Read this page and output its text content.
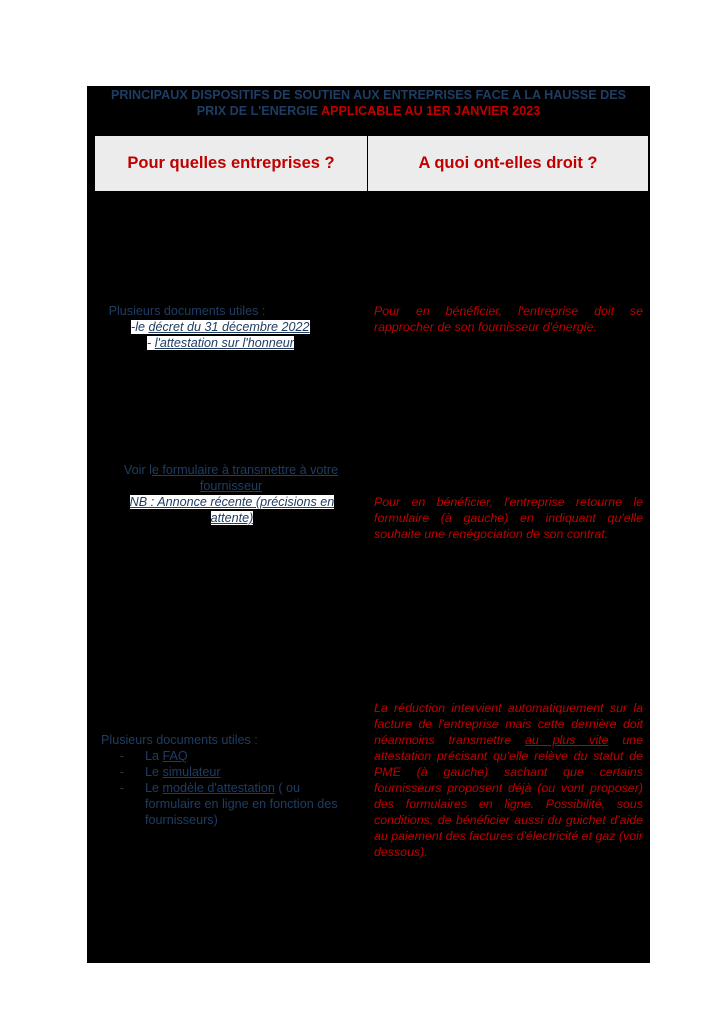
PRINCIPAUX DISPOSITIFS DE SOUTIEN AUX ENTREPRISES FACE A LA HAUSSE DES
PRIX DE L'ENERGIE APPLICABLE AU 1ER JANVIER 2023
Pour quelles entreprises ?	A quoi ont-elles droit ?
Plusieurs documents utiles :
-le décret du 31 décembre 2022
- l'attestation sur l'honneur
Pour en bénéficier, l'entreprise doit se rapprocher de son fournisseur d'énergie.
Voir le formulaire à transmettre à votre fournisseur
NB : Annonce récente (précisions en attente)
Pour en bénéficier, l'entreprise retourne le formulaire (à gauche) en indiquant qu'elle souhaite une renégociation de son contrat.
Plusieurs documents utiles :
- La FAQ
- Le simulateur
- Le modèle d'attestation ( ou formulaire en ligne en fonction des fournisseurs)
La réduction intervient automatiquement sur la facture de l'entreprise mais cette dernière doit néanmoins transmettre au plus vite une attestation précisant qu'elle relève du statut de PME (à gauche) sachant que certains fournisseurs proposent déjà (ou vont proposer) des formulaires en ligne. Possibilité, sous conditions, de bénéficier aussi du guichet d'aide au paiement des factures d'électricité et gaz (voir dessous).
